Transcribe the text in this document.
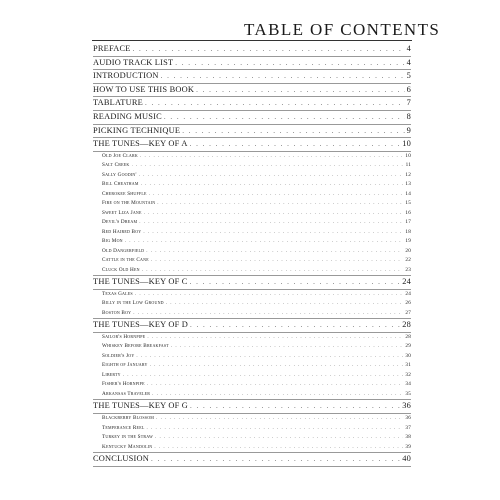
TABLE OF CONTENTS
PREFACE . . .	4
AUDIO TRACK LIST . . .	4
INTRODUCTION . . .	5
HOW TO USE THIS BOOK . . .	6
TABLATURE . . .	7
READING MUSIC . . .	8
PICKING TECHNIQUE . . .	9
THE TUNES—KEY OF A . . .	10
Old Joe Clark . . .	10
Salt Creek . . .	11
Sally Goodin' . . .	12
Bill Cheatham . . .	13
Cherokee Shuffle . . .	14
Fire on the Mountain . . .	15
Sweet Liza Jane . . .	16
Devil's Dream . . .	17
Red Haired Boy . . .	18
Big Mon . . .	19
Old Dangerfield . . .	20
Cattle in the Cane . . .	22
Cluck Old Hen . . .	23
THE TUNES—KEY OF C . . .	24
Texas Gales . . .	24
Billy in the Low Ground . . .	26
Boston Boy . . .	27
THE TUNES—KEY OF D . . .	28
Sailor's Hornpipe . . .	28
Whiskey Before Breakfast . . .	29
Soldier's Joy . . .	30
Eighth of January . . .	31
Liberty . . .	32
Fisher's Hornpipe . . .	34
Arkansas Traveler . . .	35
THE TUNES—KEY OF G . . .	36
Blackberry Blossom . . .	36
Temperance Reel . . .	37
Turkey in the Straw . . .	38
Kentucky Mandolin . . .	39
CONCLUSION . . .	40
